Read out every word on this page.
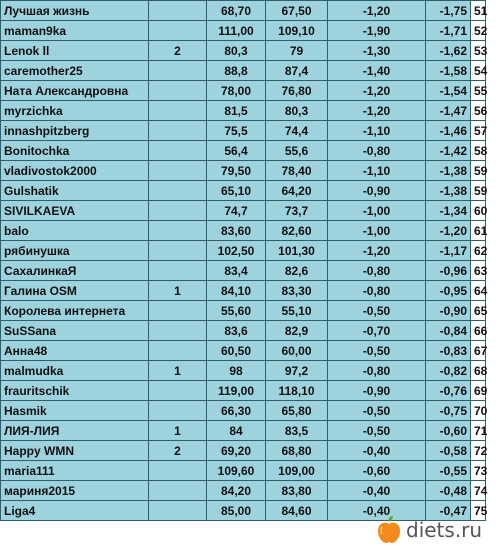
Лучшая жизнь		68,70	67,50	-1,20	-1,75	51
maman9ka		111,00	109,10	-1,90	-1,71	52
Lenok ll	2	80,3	79	-1,30	-1,62	53
caremother25		88,8	87,4	-1,40	-1,58	54
Ната Александровна		78,00	76,80	-1,20	-1,54	55
myrzichka		81,5	80,3	-1,20	-1,47	56
innashpitzberg		75,5	74,4	-1,10	-1,46	57
Bonitochka		56,4	55,6	-0,80	-1,42	58
vladivostok2000		79,50	78,40	-1,10	-1,38	59
Gulshatik		65,10	64,20	-0,90	-1,38	59
SIVILKAEVA		74,7	73,7	-1,00	-1,34	60
balo		83,60	82,60	-1,00	-1,20	61
рябинушка		102,50	101,30	-1,20	-1,17	62
СахалинкаЯ		83,4	82,6	-0,80	-0,96	63
Галина OSM	1	84,10	83,30	-0,80	-0,95	64
Королева интернета		55,60	55,10	-0,50	-0,90	65
SuSSana		83,6	82,9	-0,70	-0,84	66
Анна48		60,50	60,00	-0,50	-0,83	67
malmudka	1	98	97,2	-0,80	-0,82	68
frauritschik		119,00	118,10	-0,90	-0,76	69
Hasmik		66,30	65,80	-0,50	-0,75	70
ЛИЯ-ЛИЯ	1	84	83,5	-0,50	-0,60	71
Happy WMN	2	69,20	68,80	-0,40	-0,58	72
maria111		109,60	109,00	-0,60	-0,55	73
мариня2015		84,20	83,80	-0,40	-0,48	74
Liga4		85,00	84,60	-0,40	-0,47	75
diets.ru
